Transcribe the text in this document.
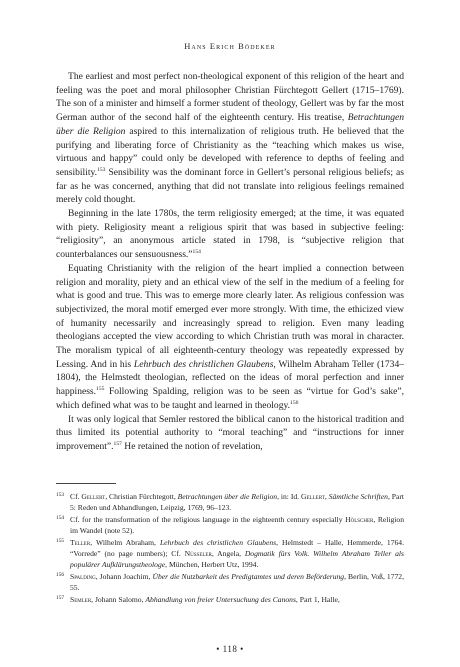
Hans Erich Bödeker

The earliest and most perfect non-theological exponent of this religion of the heart and feeling was the poet and moral philosopher Christian Fürchtegott Gellert (1715–1769). The son of a minister and himself a former student of theology, Gellert was by far the most German author of the second half of the eighteenth century. His treatise, Betrachtungen über die Religion aspired to this internalization of religious truth. He believed that the purifying and liberating force of Christianity as the “teaching which makes us wise, virtuous and happy” could only be developed with reference to depths of feeling and sensibility.$^{153}$ Sensibility was the dominant force in Gellert’s personal religious beliefs; as far as he was concerned, anything that did not translate into religious feelings remained merely cold thought.

Beginning in the late 1780s, the term religiosity emerged; at the time, it was equated with piety. Religiosity meant a religious spirit that was based in subjective feeling: “religiosity”, an anonymous article stated in 1798, is “subjective religion that counterbalances our sensuousness.”$^{154}$

Equating Christianity with the religion of the heart implied a connection between religion and morality, piety and an ethical view of the self in the medium of a feeling for what is good and true. This was to emerge more clearly later. As religious confession was subjectivized, the moral motif emerged ever more strongly. With time, the ethicized view of humanity necessarily and increasingly spread to religion. Even many leading theologians accepted the view according to which Christian truth was moral in character. The moralism typical of all eighteenth-century theology was repeatedly expressed by Lessing. And in his Lehrbuch des christlichen Glaubens, Wilhelm Abraham Teller (1734–1804), the Helmstedt theologian, reflected on the ideas of moral perfection and inner happiness.$^{155}$ Following Spalding, religion was to be seen as “virtue for God’s sake”, which defined what was to be taught and learned in theology.$^{156}$

It was only logical that Semler restored the biblical canon to the historical tradition and thus limited its potential authority to “moral teaching” and “instructions for inner improvement”.$^{157}$ He retained the notion of revelation,

153 Cf. Gellert, Christian Fürchtegott, Betrachtungen über die Religion, in: Id. Gellert, Sämtliche Schriften, Part 5: Reden und Abhandlungen, Leipzig, 1769, 96–123.

154 Cf. for the transformation of the religious language in the eighteenth century especially Hölscher, Religion im Wandel (note 52).

155 Teller, Wilhelm Abraham, Lehrbuch des christlichen Glaubens, Helmstedt – Halle, Hemmerde, 1764. “Vorrede” (no page numbers); Cf. Nüsseler, Angela, Dogmatik fürs Volk. Wilhelm Abraham Teller als populärer Aufklärungstheologe, München, Herbert Utz, 1994.

156 Spalding, Johann Joachim, Über die Nutzbarkeit des Predigtamtes und deren Beförderung, Berlin, Voß, 1772, 55.

157 Semler, Johann Salomo, Abhandlung von freier Untersuchung des Canons, Part 1, Halle,

• 118 •
